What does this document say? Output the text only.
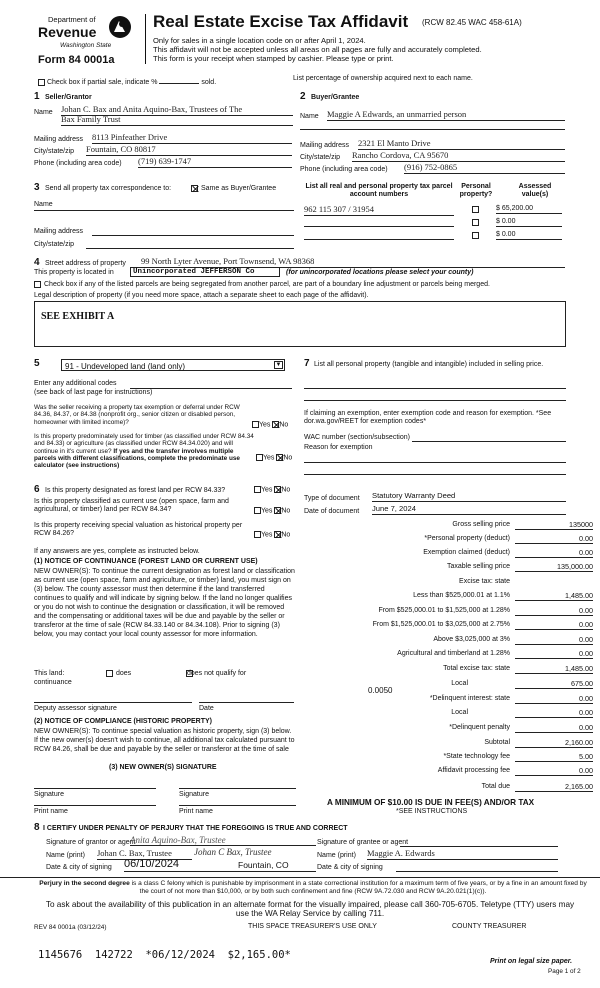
Department of
Revenue
Washington State
Form 84 0001a
Real Estate Excise Tax Affidavit (RCW 82.45 WAC 458-61A)
Only for sales in a single location code on or after April 1, 2024.
This affidavit will not be accepted unless all areas on all pages are fully and accurately completed.
This form is your receipt when stamped by cashier. Please type or print.
Check box if partial sale, indicate %	sold.
List percentage of ownership acquired next to each name.
1 Seller/Grantor
Name Johan C. Bax and Anita Aquino-Bax, Trustees of The
Bax Family Trust
Mailing address 8113 Pinfeather Drive
City/state/zip Fountain, CO 80817
Phone (including area code) (719) 639-1747
2 Buyer/Grantee
Name Maggie A Edwards, an unmarried person
Mailing address 2321 El Manto Drive
City/state/zip Rancho Cordova, CA 95670
Phone (including area code) (916) 752-0865
3 Send all property tax correspondence to:	Same as Buyer/Grantee
Name
Mailing address
City/state/zip
List all real and personal property tax parcel account numbers
Personal property?
Assessed value(s)
962 115 307 / 31954	$ 65,200.00
$ 0.00
$ 0.00
4 Street address of property 99 North Lyter Avenue, Port Townsend, WA 98368
This property is located in	Unincorporated JEFFERSON Co	(for unincorporated locations please select your county)
Check box if any of the listed parcels are being segregated from another parcel, are part of a boundary line adjustment or parcels being merged.
Legal description of property (if you need more space, attach a separate sheet to each page of the affidavit).
SEE EXHIBIT A
5	91 - Undeveloped land (land only)	▼
Enter any additional codes
(see back of last page for instructions)
Was the seller receiving a property tax exemption or deferral under RCW 84.36, 84.37, or 84.38 (nonprofit org., senior citizen or disabled person, homeowner with limited income)?	Yes No
Is this property predominately used for timber (as classified under RCW 84.34 and 84.33) or agriculture (as classified under RCW 84.34.020) and will continue in it's current use? If yes and the transfer involves multiple parcels with different classifications, complete the predominate use calculator (see instructions)
Yes No
6 Is this property designated as forest land per RCW 84.33?	Yes No
Is this property classified as current use (open space, farm and agricultural, or timber) land per RCW 84.34?	Yes No
Is this property receiving special valuation as historical property per RCW 84.26?	Yes No
If any answers are yes, complete as instructed below.
(1) NOTICE OF CONTINUANCE (FOREST LAND OR CURRENT USE)
NEW OWNER(S): To continue the current designation as forest land or classification as current use (open space, farm and agriculture, or timber) land, you must sign on (3) below. The county assessor must then determine if the land transferred continues to qualify and will indicate by signing below. If the land no longer qualifies or you do not wish to continue the designation or classification, it will be removed and the compensating or additional taxes will be due and payable by the seller or transferor at the time of sale (RCW 84.33.140 or 84.34.108). Prior to signing (3) below, you may contact your local county assessor for more information.
This land:
	does	does not qualify for
continuance
Deputy assessor signature	Date
(2) NOTICE OF COMPLIANCE (HISTORIC PROPERTY)
NEW OWNER(S): To continue special valuation as historic property, sign (3) below. If the new owner(s) doesn't wish to continue, all additional tax calculated pursuant to RCW 84.26, shall be due and payable by the seller or transferor at the time of sale
(3) NEW OWNER(S) SIGNATURE
Signature	Signature
Print name	Print name
7 List all personal property (tangible and intangible) included in selling price.
If claiming an exemption, enter exemption code and reason for exemption. *See dor.wa.gov/REET for exemption codes*
WAC number (section/subsection)
Reason for exemption
Type of document Statutory Warranty Deed
Date of document June 7, 2024
Gross selling price	135000
*Personal property (deduct)	0.00
Exemption claimed (deduct)	0.00
Taxable selling price	135,000.00
Excise tax: state
Less than $525,000.01 at 1.1%	1,485.00
From $525,000.01 to $1,525,000 at 1.28%	0.00
From $1,525,000.01 to $3,025,000 at 2.75%	0.00
Above $3,025,000 at 3%	0.00
Agricultural and timberland at 1.28%	0.00
Total excise tax: state	1,485.00
Local	675.00
*Delinquent interest: state	0.00
Local	0.00
*Delinquent penalty	0.00
Subtotal	2,160.00
*State technology fee	5.00
Affidavit processing fee	0.00
Total due	2,165.00
0.0050
A MINIMUM OF $10.00 IS DUE IN FEE(S) AND/OR TAX
*SEE INSTRUCTIONS
8 I CERTIFY UNDER PENALTY OF PERJURY THAT THE FOREGOING IS TRUE AND CORRECT
Signature of grantor or agent
Anita Aquino-Bax, Trustee	Signature of grantee or agent
Name (print) Johan C. Bax, Trustee	Johan C Bax, Trustee	Name (print) Maggie A. Edwards
Date & city of signing 06/10/2024	Fountain, CO	Date & city of signing
Perjury in the second degree is a class C felony which is punishable by imprisonment in a state correctional institution for a maximum term of five years, or by a fine in an amount fixed by the court of not more than $10,000, or by both such confinement and fine (RCW 9A.72.030 and RCW 9A.20.021(1)(c)).
To ask about the availability of this publication in an alternate format for the visually impaired, please call 360-705-6705. Teletype (TTY) users may use the WA Relay Service by calling 711.
REV 84 0001a (03/12/24)	THIS SPACE TREASURER'S USE ONLY	COUNTY TREASURER
1145676  142722  *06/12/2024  $2,165.00*
Print on legal size paper.
Page 1 of 2
